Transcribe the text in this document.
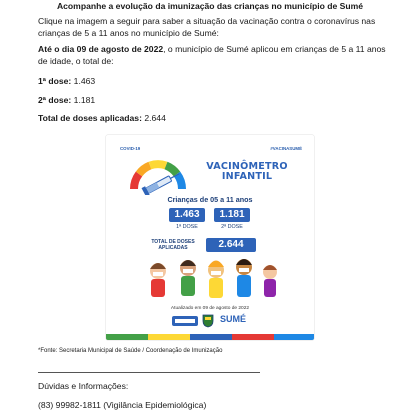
Acompanhe a evolução da imunização das crianças no município de Sumé

Clique na imagem a seguir para saber a situação da vacinação contra o coronavírus nas crianças de 5 a 11 anos no município de Sumé:

Até o dia 09 de agosto de 2022, o município de Sumé aplicou em crianças de 5 a 11 anos de idade, o total de:

1ª dose: 1.463

2ª dose: 1.181

Total de doses aplicadas: 2.644

COVID-19	#VACINASUMÉ
VACINÔMETRO
INFANTIL
Crianças de 05 a 11 anos
1.463	1.181
1ª DOSE	2ª DOSE
TOTAL DE DOSES
APLICADAS	2.644
Atualizado em 09 de agosto de 2022
SUMÉ

*Fonte: Secretaria Municipal de Saúde / Coordenação de Imunização

Dúvidas e Informações:

(83) 99982-1811 (Vigilância Epidemiológica)
